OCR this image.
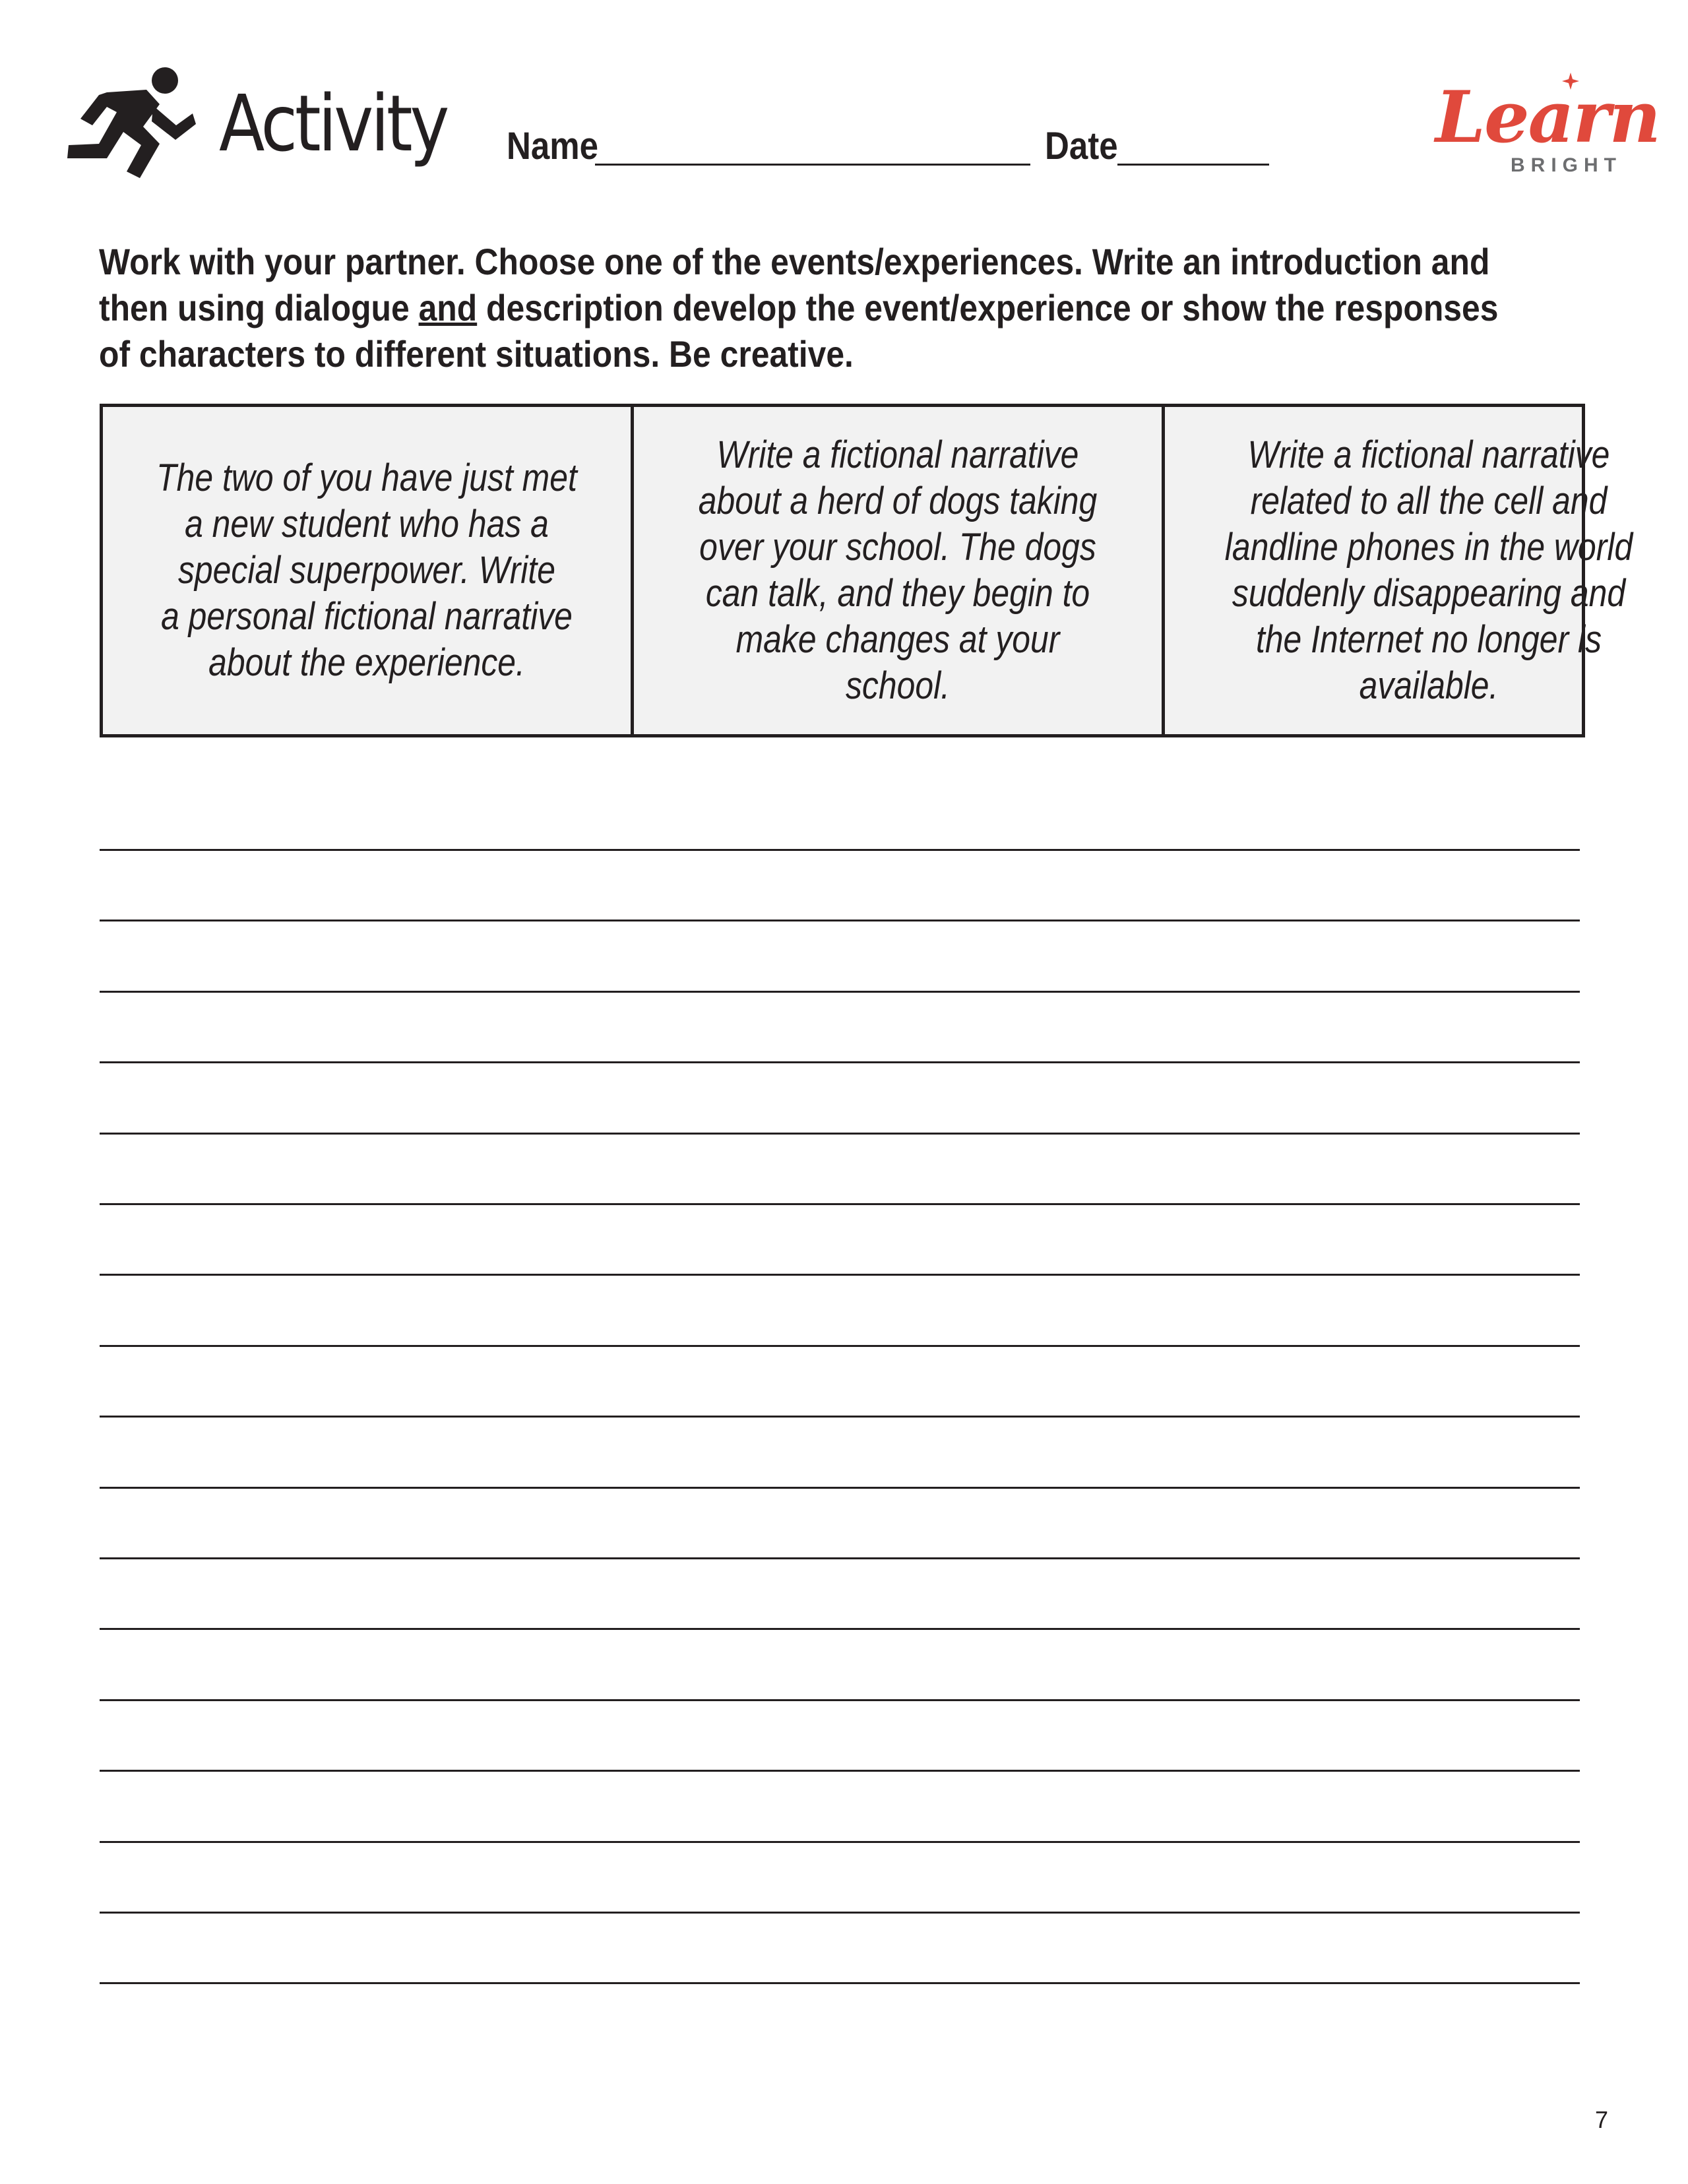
Activity Name	Date	Learn
BRIGHT
Work with your partner. Choose one of the events/experiences. Write an introduction and then using dialogue and description develop the event/experience or show the responses of characters to different situations. Be creative.
The two of you have just met
a new student who has a
special superpower. Write
a personal fictional narrative
about the experience.
Write a fictional narrative
about a herd of dogs taking
over your school. The dogs
can talk, and they begin to
make changes at your school.
Write a fictional narrative
related to all the cell and
landline phones in the world
suddenly disappearing and
the Internet no longer is
available.
7
